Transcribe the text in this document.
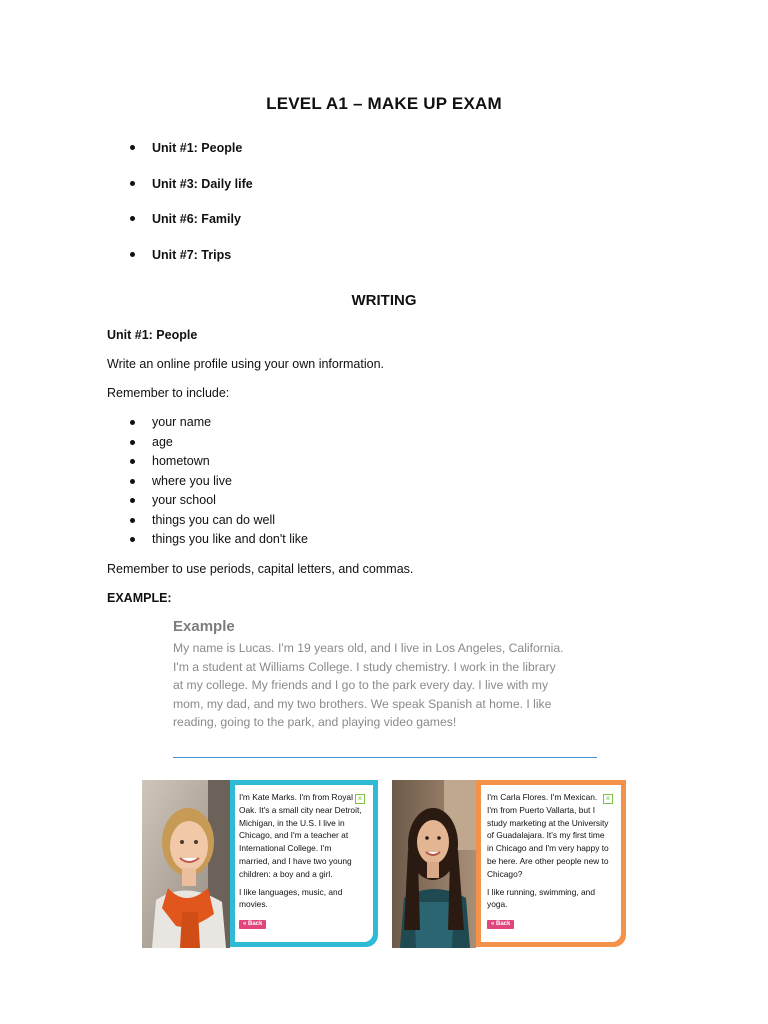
LEVEL A1 – MAKE UP EXAM
Unit #1: People
Unit #3: Daily life
Unit #6: Family
Unit #7: Trips
WRITING
Unit #1: People
Write an online profile using your own information.
Remember to include:
your name
age
hometown
where you live
your school
things you can do well
things you like and don't like
Remember to use periods, capital letters, and commas.
EXAMPLE:
Example
My name is Lucas. I'm 19 years old, and I live in Los Angeles, California.
I'm a student at Williams College. I study chemistry. I work in the library
at my college. My friends and I go to the park every day. I live with my
mom, my dad, and my two brothers. We speak Spanish at home. I like
reading, going to the park, and playing video games!
×

I'm Kate Marks. I'm from Royal Oak. It's a small city near Detroit, Michigan, in the U.S. I live in Chicago, and I'm a teacher at International College. I'm married, and I have two young children: a boy and a girl.

I like languages, music, and movies.

« Back
×

I'm Carla Flores. I'm Mexican. I'm from Puerto Vallarta, but I study marketing at the University of Guadalajara. It's my first time in Chicago and I'm very happy to be here. Are other people new to Chicago?

I like running, swimming, and yoga.

« Back
